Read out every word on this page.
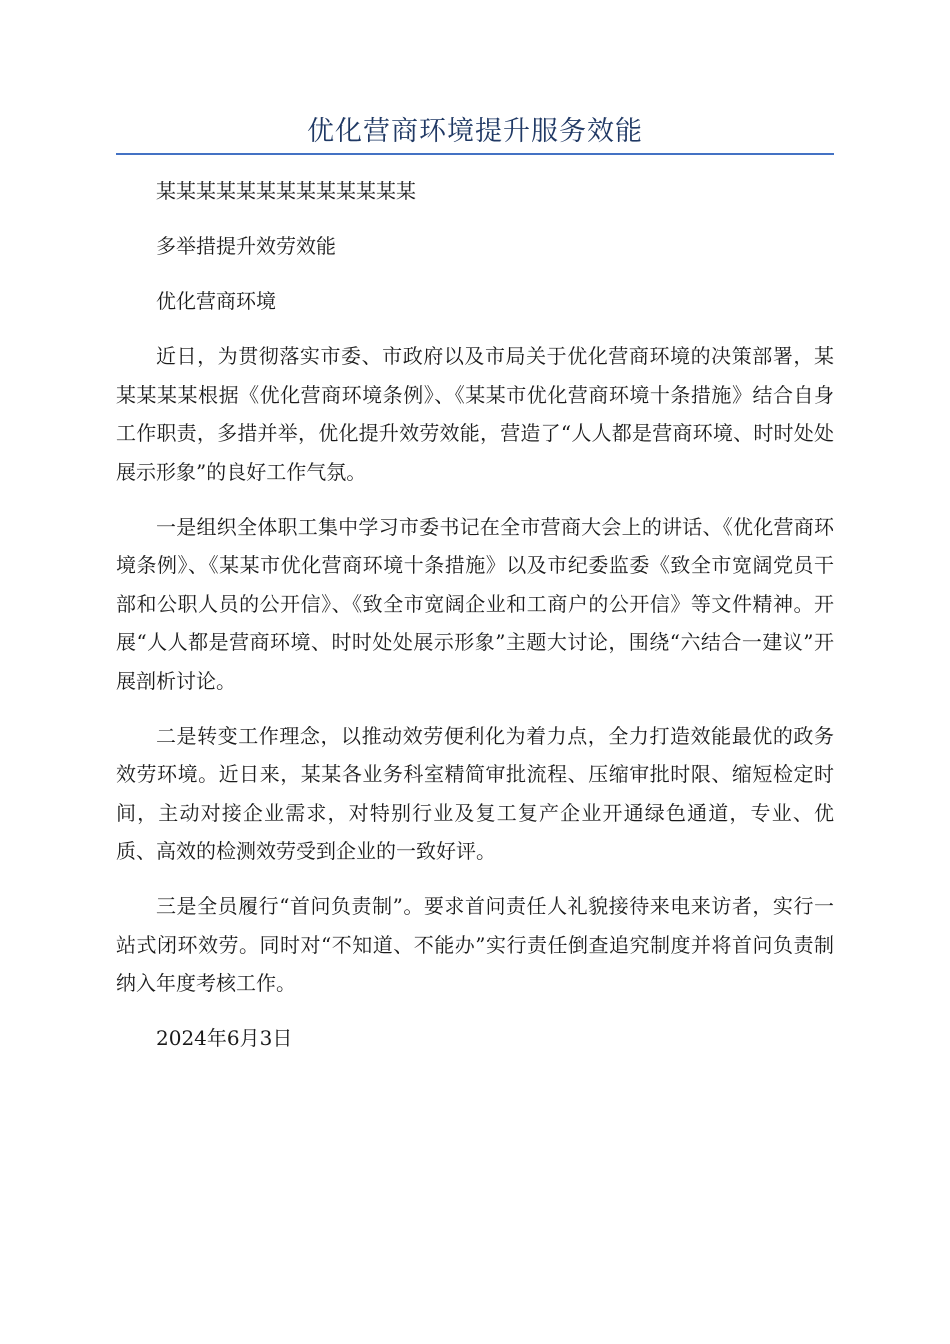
优化营商环境提升服务效能

某某某某某某某某某某某某某

多举措提升效劳效能

优化营商环境

近日，为贯彻落实市委、市政府以及市局关于优化营商环境的决策部署，某某某某某根据《优化营商环境条例》、《某某市优化营商环境十条措施》结合自身工作职责，多措并举，优化提升效劳效能，营造了“人人都是营商环境、时时处处展示形象”的良好工作气氛。

一是组织全体职工集中学习市委书记在全市营商大会上的讲话、《优化营商环境条例》、《某某市优化营商环境十条措施》以及市纪委监委《致全市宽阔党员干部和公职人员的公开信》、《致全市宽阔企业和工商户的公开信》等文件精神。开展“人人都是营商环境、时时处处展示形象”主题大讨论，围绕“六结合一建议”开展剖析讨论。

二是转变工作理念，以推动效劳便利化为着力点，全力打造效能最优的政务效劳环境。近日来，某某各业务科室精简审批流程、压缩审批时限、缩短检定时间，主动对接企业需求，对特别行业及复工复产企业开通绿色通道，专业、优质、高效的检测效劳受到企业的一致好评。

三是全员履行“首问负责制”。要求首问责任人礼貌接待来电来访者，实行一站式闭环效劳。同时对“不知道、不能办”实行责任倒查追究制度并将首问负责制纳入年度考核工作。

2024年6月3日
